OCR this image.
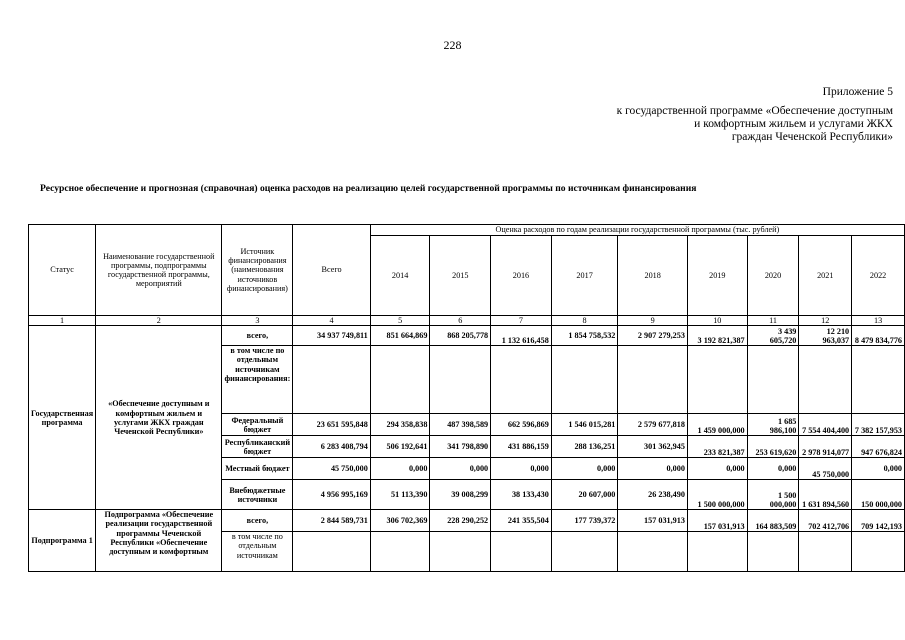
228
Приложение 5
к государственной программе «Обеспечение доступным
и комфортным жильем и услугами ЖКХ
граждан Чеченской Республики»
Ресурсное обеспечение и прогнозная (справочная) оценка расходов на реализацию целей государственной программы по источникам финансирования
Статус	Наименование государственной программы, подпрограммы государственной программы, мероприятий	Источник финансирования (наименования источников финансирования)	Всего	Оценка расходов по годам реализации государственной программы (тыс. рублей)								
				2014	2015	2016	2017	2018	2019	2020	2021	2022
1	2	3	4	5	6	7	8	9	10	11	12	13
Государственная программа	«Обеспечение доступным и комфортным жильем и услугами ЖКХ граждан Чеченской Республики»	всего,	34 937 749,811	851 664,869	868 205,778	1 132 616,458	1 854 758,532	2 907 279,253	3 192 821,387	3 439 605,720	12 210 963,037	8 479 834,776
		в том числе по отдельным источникам финансирования:										
		Федеральный бюджет	23 651 595,848	294 358,838	487 398,589	662 596,869	1 546 015,281	2 579 677,818	1 459 000,000	1 685 986,100	7 554 404,400	7 382 157,953
		Республиканский бюджет	6 283 408,794	506 192,641	341 798,890	431 886,159	288 136,251	301 362,945	233 821,387	253 619,620	2 978 914,077	947 676,824
		Местный бюджет	45 750,000	0,000	0,000	0,000	0,000	0,000	0,000	0,000	45 750,000	0,000
		Внебюджетные источники	4 956 995,169	51 113,390	39 008,299	38 133,430	20 607,000	26 238,490	1 500 000,000	1 500 000,000	1 631 894,560	150 000,000
Подпрограмма 1	Подпрограмма «Обеспечение реализации государственной программы Чеченской Республики «Обеспечение доступным и комфортным	всего,	2 844 589,731	306 702,369	228 290,252	241 355,504	177 739,372	157 031,913	157 031,913	164 883,509	702 412,706	709 142,193
		в том числе по отдельным источникам										
